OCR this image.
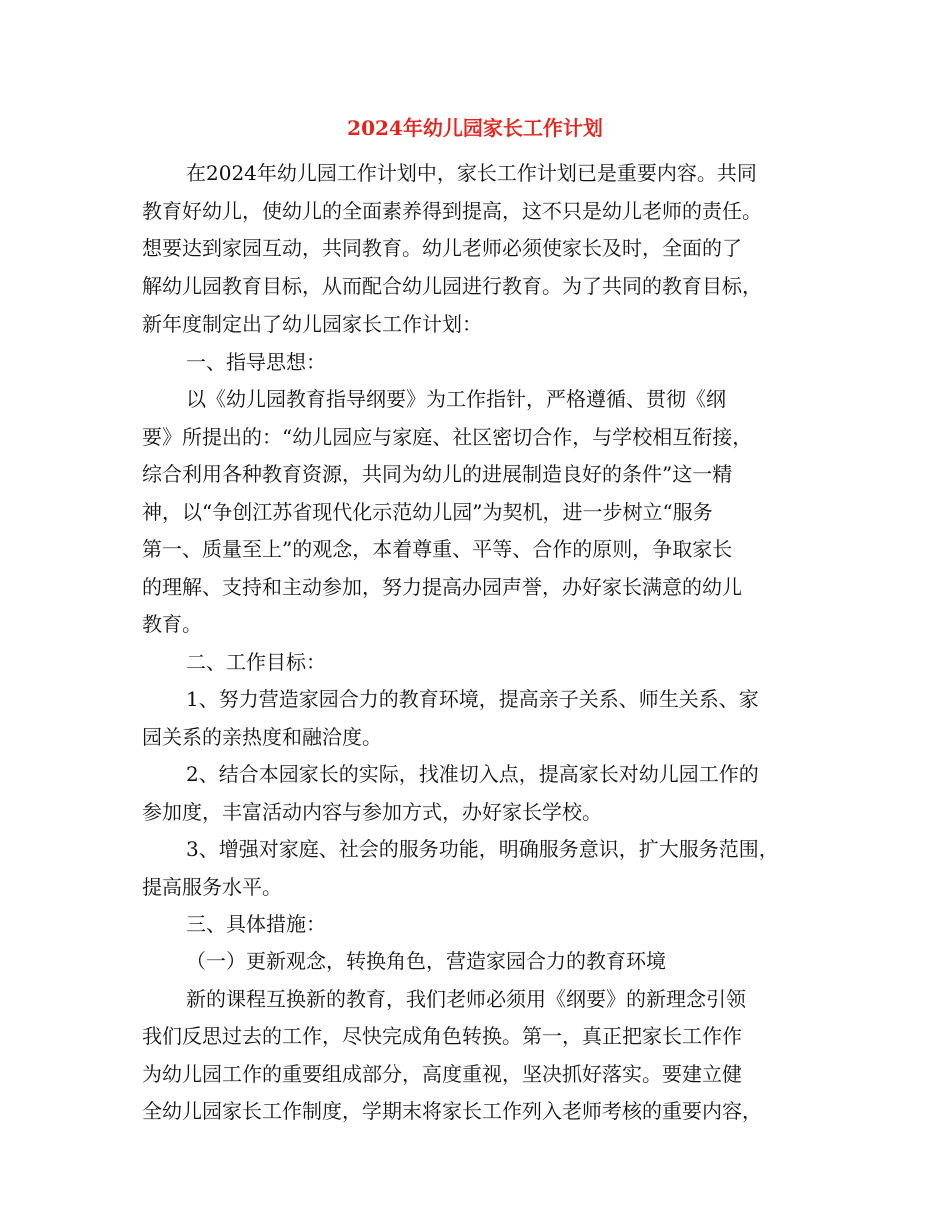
2024年幼儿园家长工作计划

在2024年幼儿园工作计划中，家长工作计划已是重要内容。共同

教育好幼儿，使幼儿的全面素养得到提高，这不只是幼儿老师的责任。

想要达到家园互动，共同教育。幼儿老师必须使家长及时，全面的了

解幼儿园教育目标，从而配合幼儿园进行教育。为了共同的教育目标，

新年度制定出了幼儿园家长工作计划：

一、指导思想：

以《幼儿园教育指导纲要》为工作指针，严格遵循、贯彻《纲

要》所提出的：“幼儿园应与家庭、社区密切合作，与学校相互衔接，

综合利用各种教育资源，共同为幼儿的进展制造良好的条件”这一精

神，以“争创江苏省现代化示范幼儿园”为契机，进一步树立“服务

第一、质量至上”的观念，本着尊重、平等、合作的原则，争取家长

的理解、支持和主动参加，努力提高办园声誉，办好家长满意的幼儿

教育。

二、工作目标：

1、努力营造家园合力的教育环境，提高亲子关系、师生关系、家

园关系的亲热度和融洽度。

2、结合本园家长的实际，找准切入点，提高家长对幼儿园工作的

参加度，丰富活动内容与参加方式，办好家长学校。

3、增强对家庭、社会的服务功能，明确服务意识，扩大服务范围，

提高服务水平。

三、具体措施：

（一）更新观念，转换角色，营造家园合力的教育环境

新的课程互换新的教育，我们老师必须用《纲要》的新理念引领

我们反思过去的工作，尽快完成角色转换。第一，真正把家长工作作

为幼儿园工作的重要组成部分，高度重视，坚决抓好落实。要建立健

全幼儿园家长工作制度，学期末将家长工作列入老师考核的重要内容，
